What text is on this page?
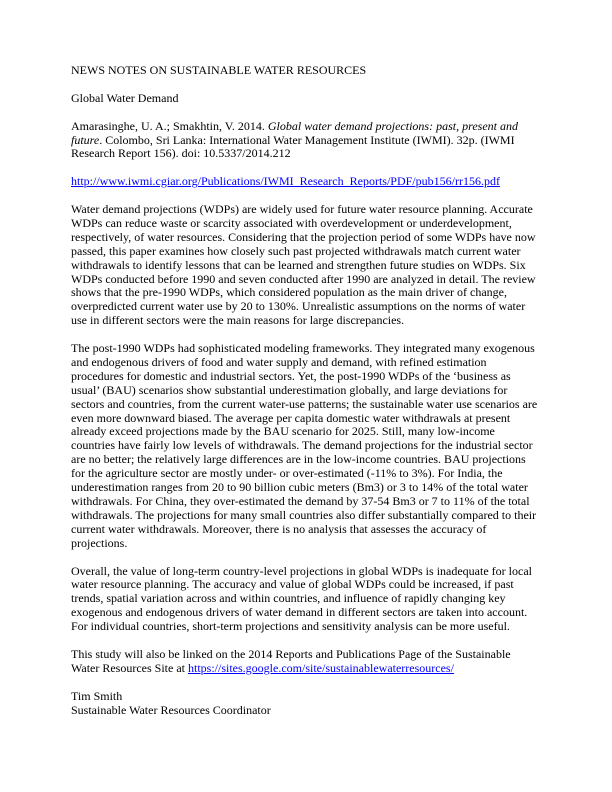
NEWS NOTES ON SUSTAINABLE WATER RESOURCES

Global Water Demand

Amarasinghe, U. A.; Smakhtin, V. 2014. Global water demand projections: past, present and future. Colombo, Sri Lanka: International Water Management Institute (IWMI). 32p. (IWMI Research Report 156). doi: 10.5337/2014.212

http://www.iwmi.cgiar.org/Publications/IWMI_Research_Reports/PDF/pub156/rr156.pdf

Water demand projections (WDPs) are widely used for future water resource planning. Accurate WDPs can reduce waste or scarcity associated with overdevelopment or underdevelopment, respectively, of water resources. Considering that the projection period of some WDPs have now passed, this paper examines how closely such past projected withdrawals match current water withdrawals to identify lessons that can be learned and strengthen future studies on WDPs. Six WDPs conducted before 1990 and seven conducted after 1990 are analyzed in detail. The review shows that the pre-1990 WDPs, which considered population as the main driver of change, overpredicted current water use by 20 to 130%. Unrealistic assumptions on the norms of water use in different sectors were the main reasons for large discrepancies.

The post-1990 WDPs had sophisticated modeling frameworks. They integrated many exogenous and endogenous drivers of food and water supply and demand, with refined estimation procedures for domestic and industrial sectors. Yet, the post-1990 WDPs of the ‘business as usual’ (BAU) scenarios show substantial underestimation globally, and large deviations for sectors and countries, from the current water-use patterns; the sustainable water use scenarios are even more downward biased. The average per capita domestic water withdrawals at present already exceed projections made by the BAU scenario for 2025. Still, many low-income countries have fairly low levels of withdrawals. The demand projections for the industrial sector are no better; the relatively large differences are in the low-income countries. BAU projections for the agriculture sector are mostly under- or over-estimated (-11% to 3%). For India, the underestimation ranges from 20 to 90 billion cubic meters (Bm3) or 3 to 14% of the total water withdrawals. For China, they over-estimated the demand by 37-54 Bm3 or 7 to 11% of the total withdrawals. The projections for many small countries also differ substantially compared to their current water withdrawals. Moreover, there is no analysis that assesses the accuracy of projections.

Overall, the value of long-term country-level projections in global WDPs is inadequate for local water resource planning. The accuracy and value of global WDPs could be increased, if past trends, spatial variation across and within countries, and influence of rapidly changing key exogenous and endogenous drivers of water demand in different sectors are taken into account. For individual countries, short-term projections and sensitivity analysis can be more useful.

This study will also be linked on the 2014 Reports and Publications Page of the Sustainable Water Resources Site at https://sites.google.com/site/sustainablewaterresources/

Tim Smith
Sustainable Water Resources Coordinator
